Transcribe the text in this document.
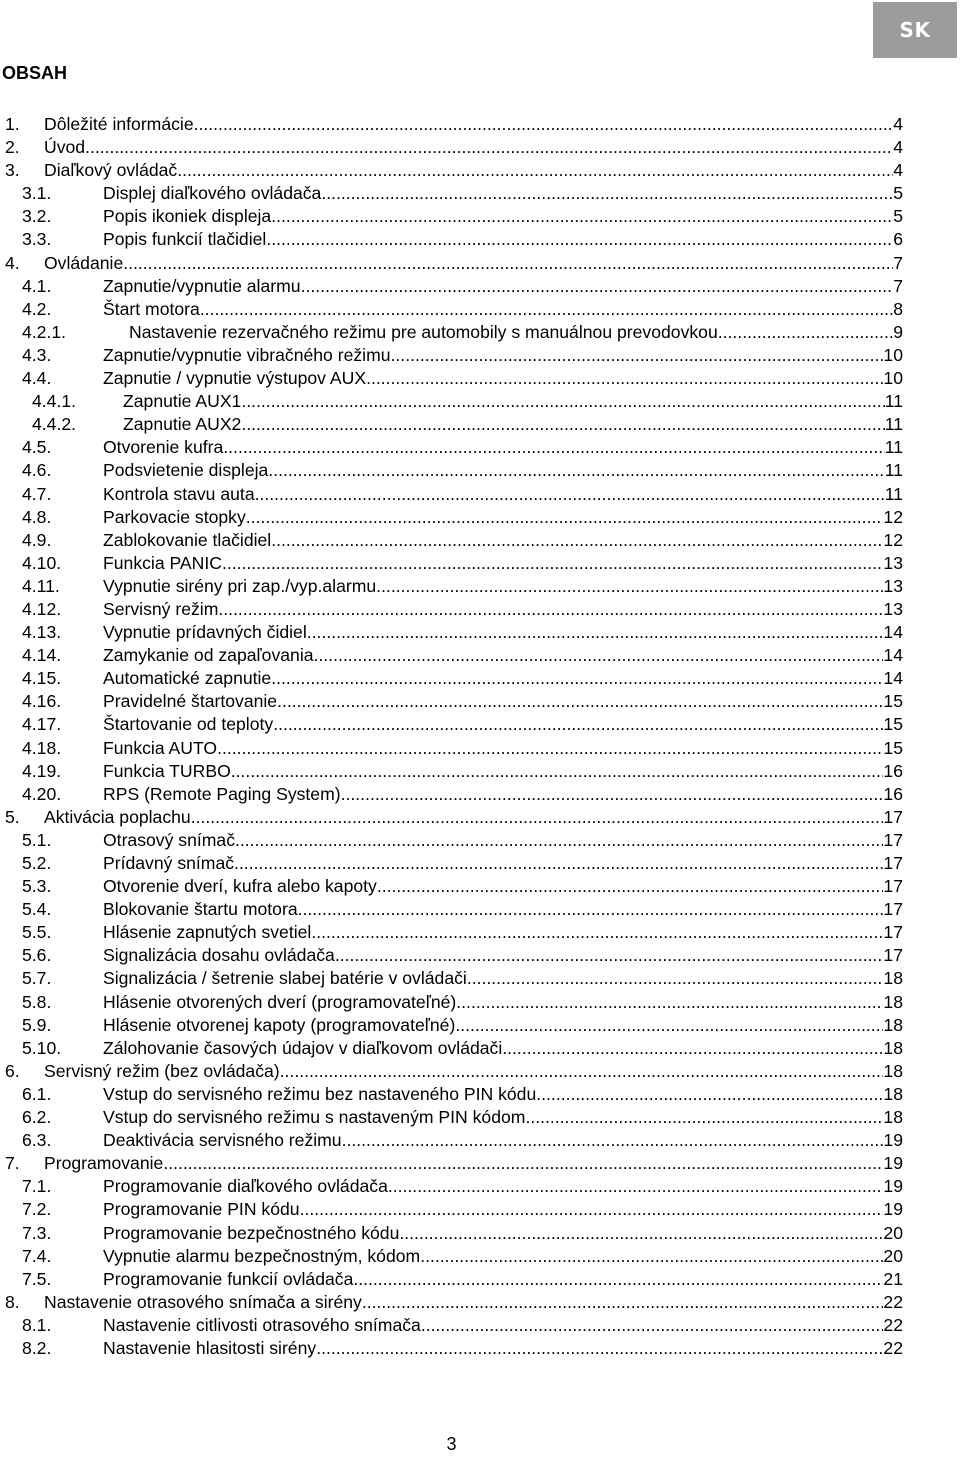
SK
OBSAH
1. Dôležité informácie .....	4
2. Úvod .....	4
3. Diaľkový ovládač .....	4
3.1.	Displej diaľkového ovládača .....	5
3.2.	Popis ikoniek displeja .....	5
3.3.	Popis funkcií tlačidiel .....	6
4. Ovládanie .....	7
4.1.	Zapnutie/vypnutie alarmu .....	7
4.2.	Štart motora .....	8
4.2.1.	Nastavenie rezervačného režimu pre automobily s manuálnou prevodovkou .....	9
4.3.	Zapnutie/vypnutie vibračného režimu .....	10
4.4.	Zapnutie / vypnutie výstupov AUX .....	10
4.4.1.	Zapnutie AUX1 .....	11
4.4.2.	Zapnutie AUX2 .....	11
4.5.	Otvorenie kufra .....	11
4.6.	Podsvietenie displeja .....	11
4.7.	Kontrola stavu auta .....	11
4.8.	Parkovacie stopky .....	12
4.9.	Zablokovanie tlačidiel .....	12
4.10. Funkcia PANIC .....	13
4.11. Vypnutie sirény pri zap./vyp.alarmu .....	13
4.12. Servisný režim .....	13
4.13. Vypnutie prídavných čidiel .....	14
4.14. Zamykanie od zapaľovania .....	14
4.15. Automatické zapnutie .....	14
4.16. Pravidelné štartovanie .....	15
4.17. Štartovanie od teploty .....	15
4.18. Funkcia AUTO .....	15
4.19. Funkcia TURBO .....	16
4.20. RPS (Remote Paging System) .....	16
5. Aktivácia poplachu .....	17
5.1.	Otrasový snímač .....	17
5.2.	Prídavný snímač .....	17
5.3.	Otvorenie dverí, kufra alebo kapoty .....	17
5.4.	Blokovanie štartu motora .....	17
5.5.	Hlásenie zapnutých svetiel .....	17
5.6.	Signalizácia dosahu ovládača .....	17
5.7.	Signalizácia / šetrenie slabej batérie v ovládači .....	18
5.8.	Hlásenie otvorených dverí (programovateľné) .....	18
5.9.	Hlásenie otvorenej kapoty (programovateľné) .....	18
5.10. Zálohovanie časových údajov v diaľkovom ovládači .....	18
6. Servisný režim (bez ovládača) .....	18
6.1.	Vstup do servisného režimu bez nastaveného PIN kódu .....	18
6.2.	Vstup do servisného režimu s nastaveným PIN kódom .....	18
6.3.	Deaktivácia servisného režimu .....	19
7. Programovanie .....	19
7.1.	Programovanie diaľkového ovládača .....	19
7.2.	Programovanie PIN kódu .....	19
7.3.	Programovanie bezpečnostného kódu .....	20
7.4.	Vypnutie alarmu bezpečnostným, kódom .....	20
7.5.	Programovanie funkcií ovládača .....	21
8. Nastavenie otrasového snímača a sirény .....	22
8.1.	Nastavenie citlivosti otrasového snímača .....	22
8.2.	Nastavenie hlasitosti sirény .....	22
3
